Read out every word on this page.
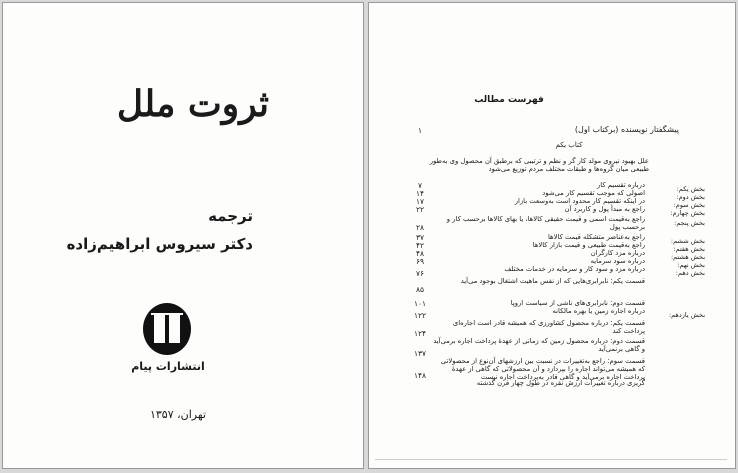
ثروت ملل
ترجمه
دکتر سیروس ابراهیم‌زاده
انتشارات پیام
تهران، ۱۳۵۷
فهرست مطالب
۱	پیشگفتار نویسنده (برکتاب اول)
کتاب یکم
علل بهبود نیروی مولد کار گر و نظم و ترتیبی که برطبق آن محصول وی به‌طور طبیعی میان گروه‌ها و طبقات مختلف مردم توزیع می‌شود
بخش یکم:
درباره تقسیم کار
۷
بخش دوم:
اصولی که موجب تقسیم کار می‌شود
۱۴
بخش سوم:
در اینکه تقسیم کار محدود است به‌وسعت بازار
۱۷
بخش چهارم:
راجع به مبدأ پول و کاربرد آن
۲۲
بخش پنجم:
راجع به‌قیمت اسمی و قیمت حقیقی کالاها، یا بهای کالاها برحسب کار و برحسب پول
۲۸
بخش ششم:
راجع به‌عناصر متشکله قیمت کالاها
۳۷
بخش هفتم:
راجع به‌قیمت طبیعی و قیمت بازار کالاها
۴۲
بخش هشتم:
درباره مزد کارگران
۴۸
بخش نهم:
درباره سود سرمایه
۶۹
بخش دهم:
درباره مزد و سود کار و سرمایه در خدمات مختلف
۷۶
قسمت یکم: نابرابری‌هایی که از نفس ماهیت اشتغال بوجود می‌آید
۸۵
قسمت دوم: نابرابری‌های ناشی از سیاست اروپا
۱۰۱
بخش یازدهم:
درباره اجاره زمین یا بهره مالکانه
۱۲۲
قسمت یکم: درباره محصول کشاورزی که همیشه قادر است اجاره‌ای پرداخت کند
۱۲۴
قسمت دوم: درباره محصول زمین که زمانی از عهدهٔ پرداخت اجاره برمی‌آید و گاهی برنمی‌آید
۱۳۷
قسمت سوم: راجع به‌تغییرات در نسبت بین ارزشهای آن‌نوع از محصولاتی که همیشه می‌تواند اجاره را بپردازد و آن محصولاتی که گاهی از عهدهٔ پرداخت اجاره برمی‌آید و گاهی قادر به‌پرداخت اجاره نیست
۱۴۸
گریزی درباره تغییرات ارزش نقره در طول چهار قرن گذشته
